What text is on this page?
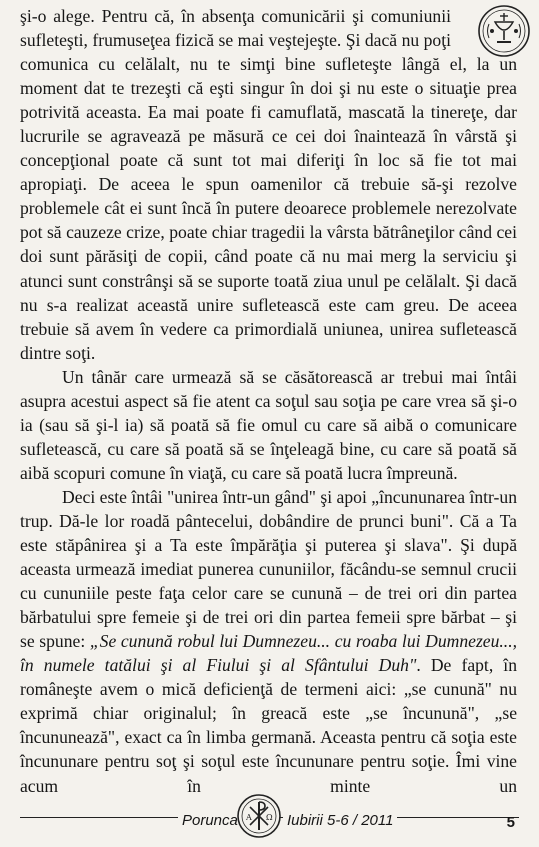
şi-o alege. Pentru că, în absenţa comunicării şi comuniunii sufleteşti, frumuseţea fizică se mai veştejeşte. Şi dacă nu poţi comunica cu celălalt, nu te simţi bine sufleteşte lângă el, la un moment dat te trezeşti că eşti singur în doi şi nu este o situaţie prea potrivită aceasta. Ea mai poate fi camuflată, mascată la tinereţe, dar lucrurile se agravează pe măsură ce cei doi înaintează în vârstă şi concepţional poate că sunt tot mai diferiţi în loc să fie tot mai apropiaţi. De aceea le spun oamenilor că trebuie să-şi rezolve problemele cât ei sunt încă în putere deoarece problemele nerezolvate pot să cauzeze crize, poate chiar tragedii la vârsta bătrâneţilor când cei doi sunt părăsiţi de copii, când poate că nu mai merg la serviciu şi atunci sunt constrânşi să se suporte toată ziua unul pe celălalt. Şi dacă nu s-a realizat această unire sufletească este cam greu. De aceea trebuie să avem în vedere ca primordială uniunea, unirea sufletească dintre soţi.

Un tânăr care urmează să se căsătorească ar trebui mai întâi asupra acestui aspect să fie atent ca soţul sau soţia pe care vrea să şi-o ia (sau să şi-l ia) să poată să fie omul cu care să aibă o comunicare sufletească, cu care să poată să se înţeleagă bine, cu care să poată să aibă scopuri comune în viaţă, cu care să poată lucra împreună.

Deci este întâi "unirea într-un gând" şi apoi „încununarea într-un trup. Dă-le lor roadă pântecelui, dobândire de prunci buni". Că a Ta este stăpânirea şi a Ta este împărăţia şi puterea şi slava". Şi după aceasta urmează imediat punerea cununiilor, făcându-se semnul crucii cu cununiile peste faţa celor care se cunună – de trei ori din partea bărbatului spre femeie şi de trei ori din partea femeii spre bărbat – şi se spune: „Se cunună robul lui Dumnezeu... cu roaba lui Dumnezeu..., în numele tatălui şi al Fiului şi al Sfântului Duh". De fapt, în româneşte avem o mică deficienţă de termeni aici: „se cunună" nu exprimă chiar originalul; în greacă este „se încunună", „se încununează", exact ca în limba germană. Aceasta pentru că soţia este încununare pentru soţ şi soţul este încununare pentru soţie. Îmi vine acum în minte un

Porunca	A Ω Iubirii 5-6 / 2011	5
